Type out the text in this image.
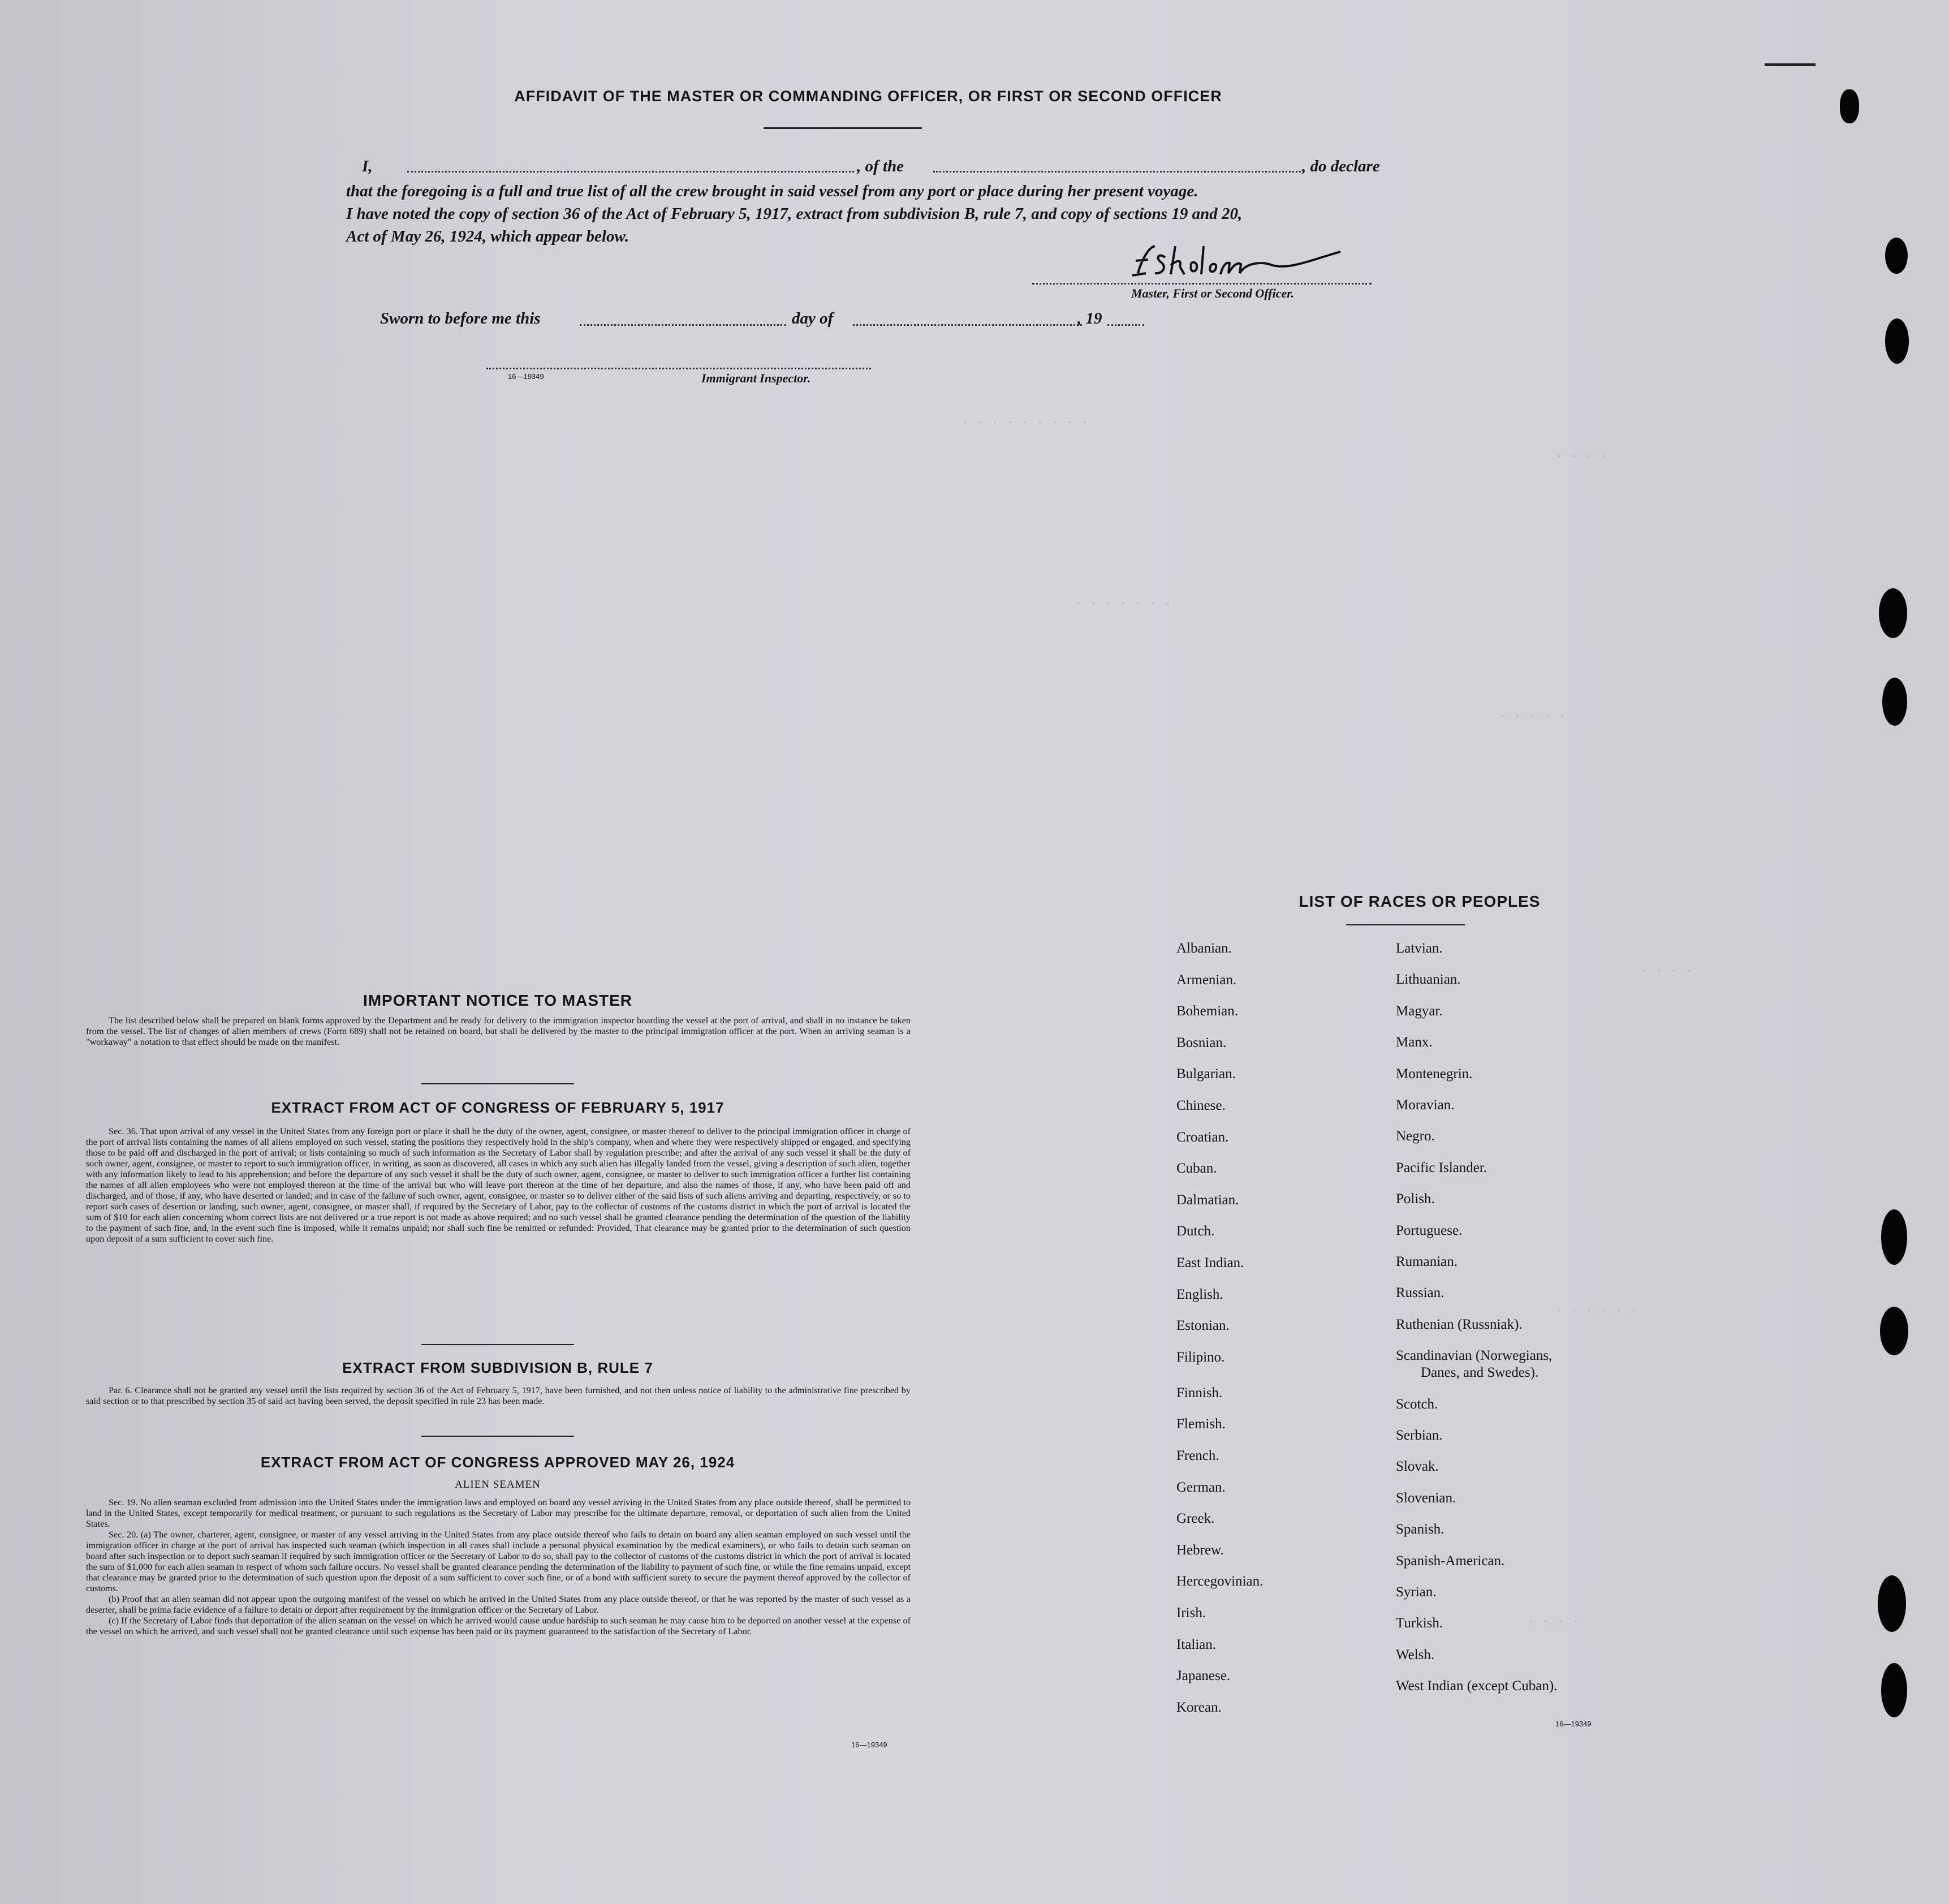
AFFIDAVIT OF THE MASTER OR COMMANDING OFFICER, OR FIRST OR SECOND OFFICER
I,	, of the	, do declare
that the foregoing is a full and true list of all the crew brought in said vessel from any port or place during her present voyage.
I have noted the copy of section 36 of the Act of February 5, 1917, extract from subdivision B, rule 7, and copy of sections 19 and 20,
Act of May 26, 1924, which appear below.
Master, First or Second Officer.
Sworn to before me this	day of	, 19
16—19349	Immigrant Inspector.
. . . . . . . . .
. . . .
. . . . . . .
. . . . .
. . . .
. . . . . .
. . . .
IMPORTANT NOTICE TO MASTER

The list described below shall be prepared on blank forms approved by the Department and be ready for delivery to the immigration inspector boarding the vessel at the port of arrival, and shall in no instance be taken from the vessel. The list of changes of alien members of crews (Form 689) shall not be retained on board, but shall be delivered by the master to the principal immigration officer at the port. When an arriving seaman is a "workaway" a notation to that effect should be made on the manifest.

EXTRACT FROM ACT OF CONGRESS OF FEBRUARY 5, 1917

Sec. 36. That upon arrival of any vessel in the United States from any foreign port or place it shall be the duty of the owner, agent, consignee, or master thereof to deliver to the principal immigration officer in charge of the port of arrival lists containing the names of all aliens employed on such vessel, stating the positions they respectively hold in the ship's company, when and where they were respectively shipped or engaged, and specifying those to be paid off and discharged in the port of arrival; or lists containing so much of such information as the Secretary of Labor shall by regulation prescribe; and after the arrival of any such vessel it shall be the duty of such owner, agent, consignee, or master to report to such immigration officer, in writing, as soon as discovered, all cases in which any such alien has illegally landed from the vessel, giving a description of such alien, together with any information likely to lead to his apprehension; and before the departure of any such vessel it shall be the duty of such owner, agent, consignee, or master to deliver to such immigration officer a further list containing the names of all alien employees who were not employed thereon at the time of the arrival but who will leave port thereon at the time of her departure, and also the names of those, if any, who have been paid off and discharged, and of those, if any, who have deserted or landed; and in case of the failure of such owner, agent, consignee, or master so to deliver either of the said lists of such aliens arriving and departing, respectively, or so to report such cases of desertion or landing, such owner, agent, consignee, or master shall, if required by the Secretary of Labor, pay to the collector of customs of the customs district in which the port of arrival is located the sum of $10 for each alien concerning whom correct lists are not delivered or a true report is not made as above required; and no such vessel shall be granted clearance pending the determination of the question of the liability to the payment of such fine, and, in the event such fine is imposed, while it remains unpaid; nor shall such fine be remitted or refunded: Provided, That clearance may be granted prior to the determination of such question upon deposit of a sum sufficient to cover such fine.

EXTRACT FROM SUBDIVISION B, RULE 7

Par. 6. Clearance shall not be granted any vessel until the lists required by section 36 of the Act of February 5, 1917, have been furnished, and not then unless notice of liability to the administrative fine prescribed by said section or to that prescribed by section 35 of said act having been served, the deposit specified in rule 23 has been made.

EXTRACT FROM ACT OF CONGRESS APPROVED MAY 26, 1924
ALIEN SEAMEN

Sec. 19. No alien seaman excluded from admission into the United States under the immigration laws and employed on board any vessel arriving in the United States from any place outside thereof, shall be permitted to land in the United States, except temporarily for medical treatment, or pursuant to such regulations as the Secretary of Labor may prescribe for the ultimate departure, removal, or deportation of such alien from the United States.

Sec. 20. (a) The owner, charterer, agent, consignee, or master of any vessel arriving in the United States from any place outside thereof who fails to detain on board any alien seaman employed on such vessel until the immigration officer in charge at the port of arrival has inspected such seaman (which inspection in all cases shall include a personal physical examination by the medical examiners), or who fails to detain such seaman on board after such inspection or to deport such seaman if required by such immigration officer or the Secretary of Labor to do so, shall pay to the collector of customs of the customs district in which the port of arrival is located the sum of $1,000 for each alien seaman in respect of whom such failure occurs. No vessel shall be granted clearance pending the determination of the liability to payment of such fine, or while the fine remains unpaid, except that clearance may be granted prior to the determination of such question upon the deposit of a sum sufficient to cover such fine, or of a bond with sufficient surety to secure the payment thereof approved by the collector of customs.

(b) Proof that an alien seaman did not appear upon the outgoing manifest of the vessel on which he arrived in the United States from any place outside thereof, or that he was reported by the master of such vessel as a deserter, shall be prima facie evidence of a failure to detain or deport after requirement by the immigration officer or the Secretary of Labor.

(c) If the Secretary of Labor finds that deportation of the alien seaman on the vessel on which he arrived would cause undue hardship to such seaman he may cause him to be deported on another vessel at the expense of the vessel on which he arrived, and such vessel shall not be granted clearance until such expense has been paid or its payment guaranteed to the satisfaction of the Secretary of Labor.

16—19349
LIST OF RACES OR PEOPLES
Albanian.
Armenian.
Bohemian.
Bosnian.
Bulgarian.
Chinese.
Croatian.
Cuban.
Dalmatian.
Dutch.
East Indian.
English.
Estonian.
Filipino.
Finnish.
Flemish.
French.
German.
Greek.
Hebrew.
Hercegovinian.
Irish.
Italian.
Japanese.
Korean.
Latvian.
Lithuanian.
Magyar.
Manx.
Montenegrin.
Moravian.
Negro.
Pacific Islander.
Polish.
Portuguese.
Rumanian.
Russian.
Ruthenian (Russniak).
Scandinavian (Norwegians,
Danes, and Swedes).
Scotch.
Serbian.
Slovak.
Slovenian.
Spanish.
Spanish-American.
Syrian.
Turkish.
Welsh.
West Indian (except Cuban).
16—19349
